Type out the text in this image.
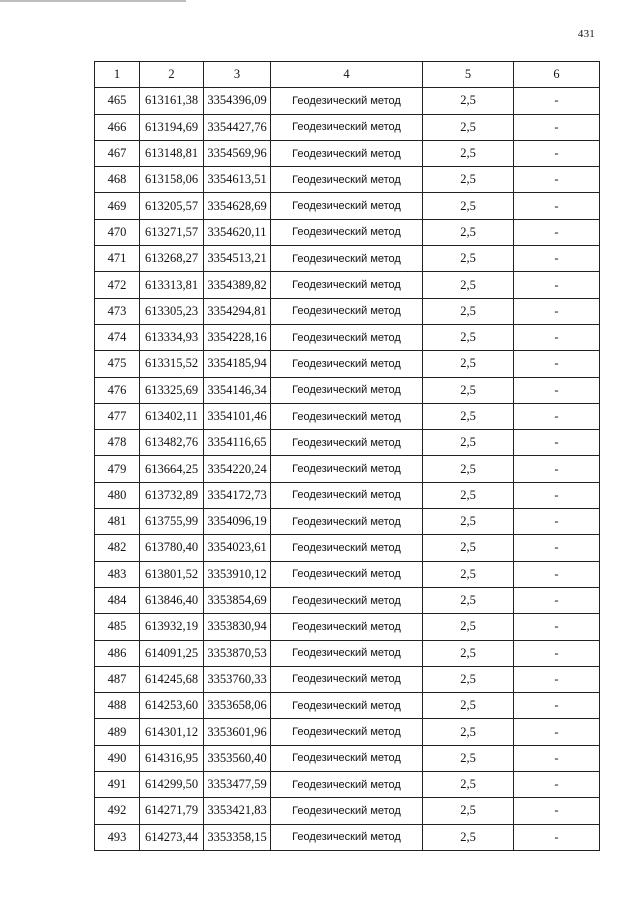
431
1	2	3	4	5	6
465	613161,38	3354396,09	Геодезический метод	2,5	-
466	613194,69	3354427,76	Геодезический метод	2,5	-
467	613148,81	3354569,96	Геодезический метод	2,5	-
468	613158,06	3354613,51	Геодезический метод	2,5	-
469	613205,57	3354628,69	Геодезический метод	2,5	-
470	613271,57	3354620,11	Геодезический метод	2,5	-
471	613268,27	3354513,21	Геодезический метод	2,5	-
472	613313,81	3354389,82	Геодезический метод	2,5	-
473	613305,23	3354294,81	Геодезический метод	2,5	-
474	613334,93	3354228,16	Геодезический метод	2,5	-
475	613315,52	3354185,94	Геодезический метод	2,5	-
476	613325,69	3354146,34	Геодезический метод	2,5	-
477	613402,11	3354101,46	Геодезический метод	2,5	-
478	613482,76	3354116,65	Геодезический метод	2,5	-
479	613664,25	3354220,24	Геодезический метод	2,5	-
480	613732,89	3354172,73	Геодезический метод	2,5	-
481	613755,99	3354096,19	Геодезический метод	2,5	-
482	613780,40	3354023,61	Геодезический метод	2,5	-
483	613801,52	3353910,12	Геодезический метод	2,5	-
484	613846,40	3353854,69	Геодезический метод	2,5	-
485	613932,19	3353830,94	Геодезический метод	2,5	-
486	614091,25	3353870,53	Геодезический метод	2,5	-
487	614245,68	3353760,33	Геодезический метод	2,5	-
488	614253,60	3353658,06	Геодезический метод	2,5	-
489	614301,12	3353601,96	Геодезический метод	2,5	-
490	614316,95	3353560,40	Геодезический метод	2,5	-
491	614299,50	3353477,59	Геодезический метод	2,5	-
492	614271,79	3353421,83	Геодезический метод	2,5	-
493	614273,44	3353358,15	Геодезический метод	2,5	-
